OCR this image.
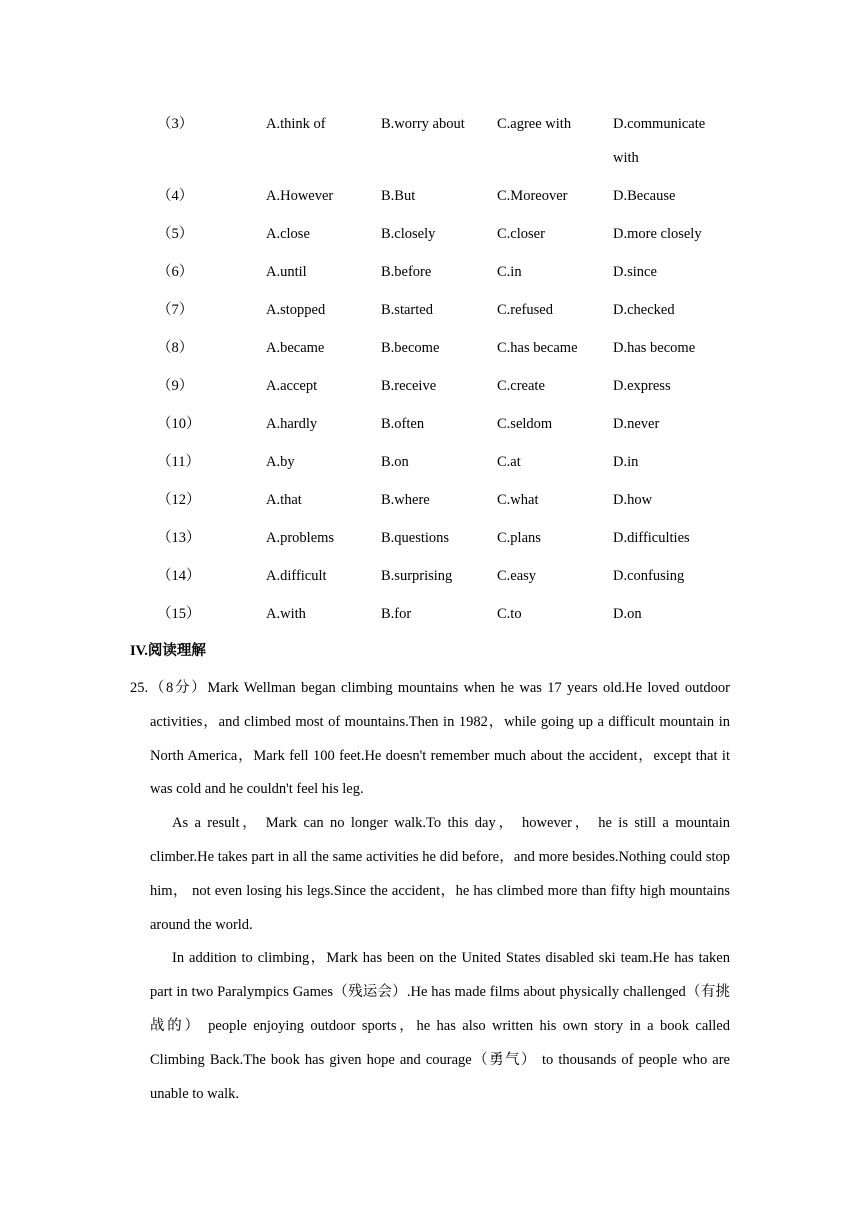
（3）	A.think of	B.worry about C.agree with	D.communicate
with
（4）	A.However	B.But	C.Moreover	D.Because
（5）	A.close	B.closely	C.closer	D.more closely
（6）	A.until	B.before	C.in	D.since
（7）	A.stopped	B.started	C.refused	D.checked
（8）	A.became	B.become	C.has became D.has become
（9）	A.accept	B.receive	C.create	D.express
（10）	A.hardly	B.often	C.seldom	D.never
（11）	A.by	B.on	C.at	D.in
（12）	A.that	B.where	C.what	D.how
（13）	A.problems	B.questions	C.plans	D.difficulties
（14）	A.difficult	B.surprising	C.easy	D.confusing
（15）	A.with	B.for	C.to	D.on
IV.阅读理解

25.（8分）Mark Wellman began climbing mountains when he was 17 years old.He loved outdoor activities，and climbed most of mountains.Then in 1982，while going up a difficult mountain in North America，Mark fell 100 feet.He doesn't remember much about the accident，except that it was cold and he couldn't feel his leg.

As a result， Mark can no longer walk.To this day， however， he is still a mountain climber.He takes part in all the same activities he did before，and more besides.Nothing could stop him， not even losing his legs.Since the accident，he has climbed more than fifty high mountains around the world.

In addition to climbing，Mark has been on the United States disabled ski team.He has taken part in two Paralympics Games（残运会）.He has made films about physically challenged（有挑战的） people enjoying outdoor sports，he has also written his own story in a book called Climbing Back.The book has given hope and courage（勇气） to thousands of people who are unable to walk.
